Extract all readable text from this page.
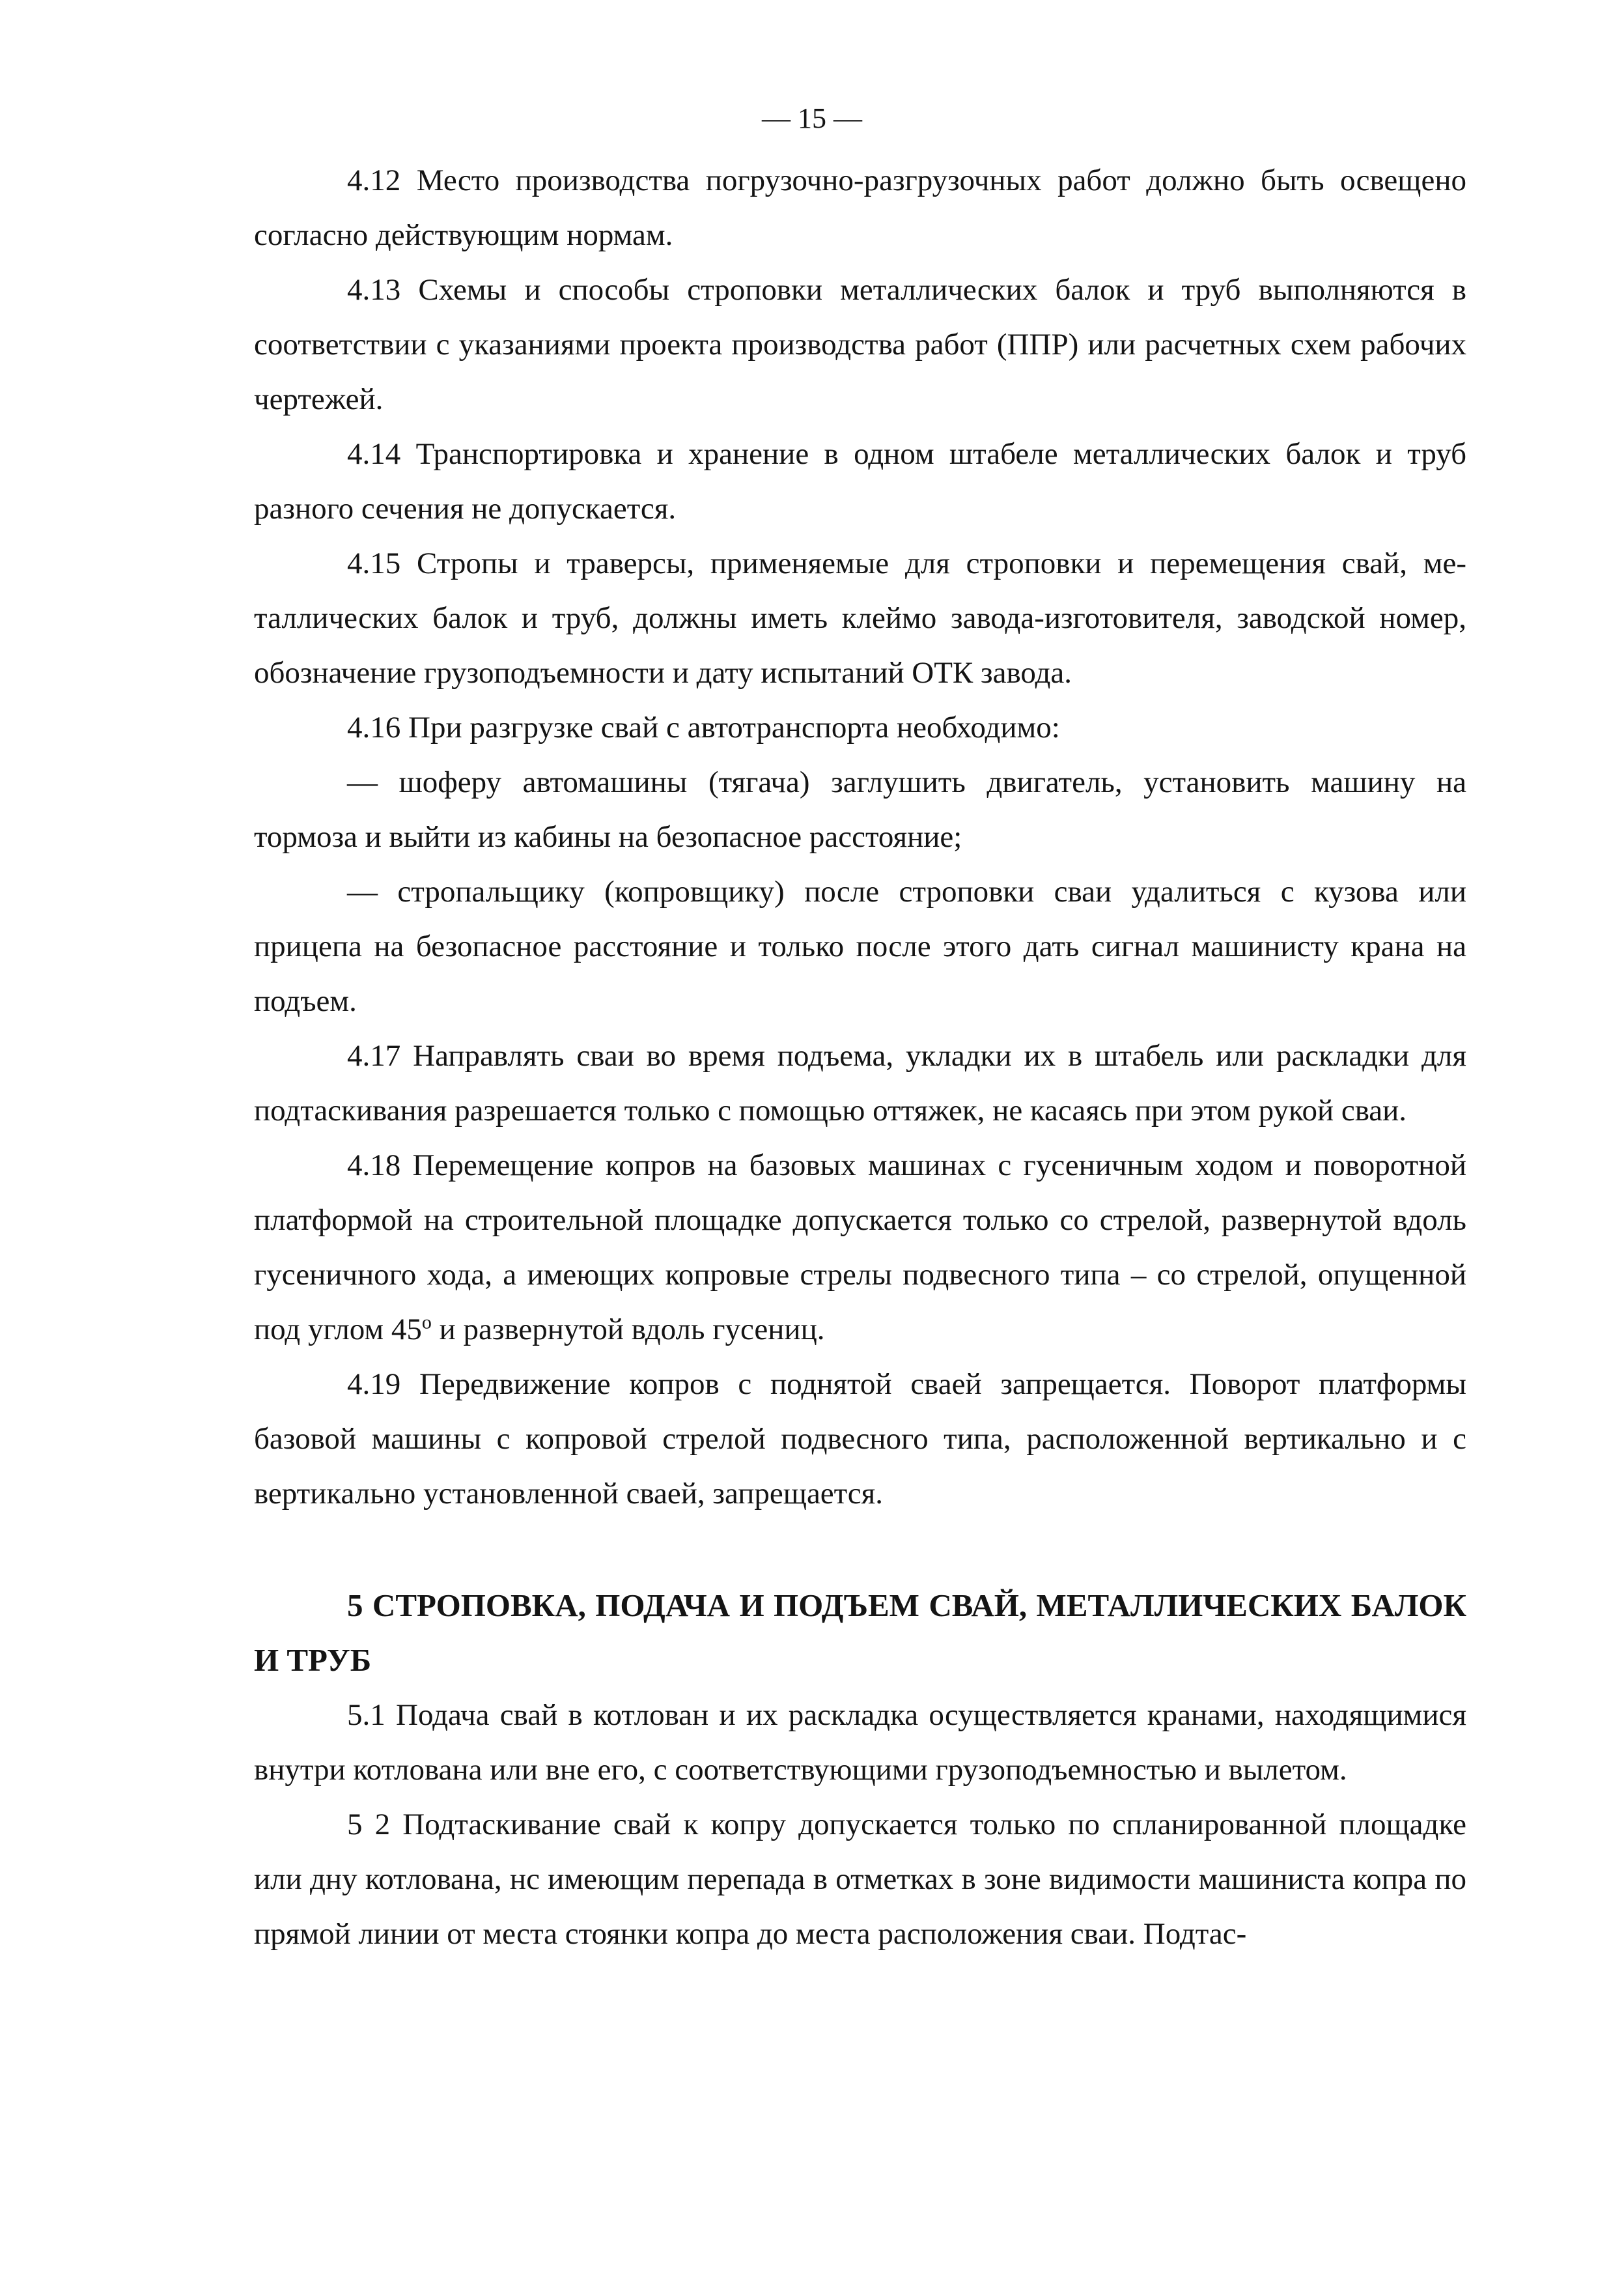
— 15 —

4.12 Место производства погрузочно-разгрузочных работ должно быть освещено согласно действующим нормам.

4.13 Схемы и способы строповки металлических балок и труб выполняются в соответствии с указаниями проекта производства работ (ППР) или расчетных схем рабочих чертежей.

4.14 Транспортировка и хранение в одном штабеле металлических балок и труб разного сечения не допускается.

4.15 Стропы и траверсы, применяемые для строповки и перемещения свай, металлических балок и труб, должны иметь клеймо завода-изготовителя, заводской номер, обозначение грузоподъемности и дату испытаний ОТК завода.

4.16 При разгрузке свай с автотранспорта необходимо:

— шоферу автомашины (тягача) заглушить двигатель, установить машину на тормоза и выйти из кабины на безопасное расстояние;

— стропальщику (копровщику) после строповки сваи удалиться с кузова или прицепа на безопасное расстояние и только после этого дать сигнал машинисту крана на подъем.

4.17 Направлять сваи во время подъема, укладки их в штабель или раскладки для подтаскивания разрешается только с помощью оттяжек, не касаясь при этом рукой сваи.

4.18 Перемещение копров на базовых машинах с гусеничным ходом и поворотной платформой на строительной площадке допускается только со стрелой, развернутой вдоль гусеничного хода, а имеющих копровые стрелы подвесного типа – со стрелой, опущенной под углом $45^о$ и развернутой вдоль гусениц.

4.19 Передвижение копров с поднятой сваей запрещается. Поворот платформы базовой машины с копровой стрелой подвесного типа, расположенной вертикально и с вертикально установленной сваей, запрещается.

5 СТРОПОВКА, ПОДАЧА И ПОДЪЕМ СВАЙ, МЕТАЛЛИЧЕСКИХ БАЛОК И ТРУБ

5.1 Подача свай в котлован и их раскладка осуществляется кранами, находящимися внутри котлована или вне его, с соответствующими грузоподъемностью и вылетом.

5 2 Подтаскивание свай к копру допускается только по спланированной площадке или дну котлована, нс имеющим перепада в отметках в зоне видимости машиниста копра по прямой линии от места стоянки копра до места расположения сваи. Подтас-
